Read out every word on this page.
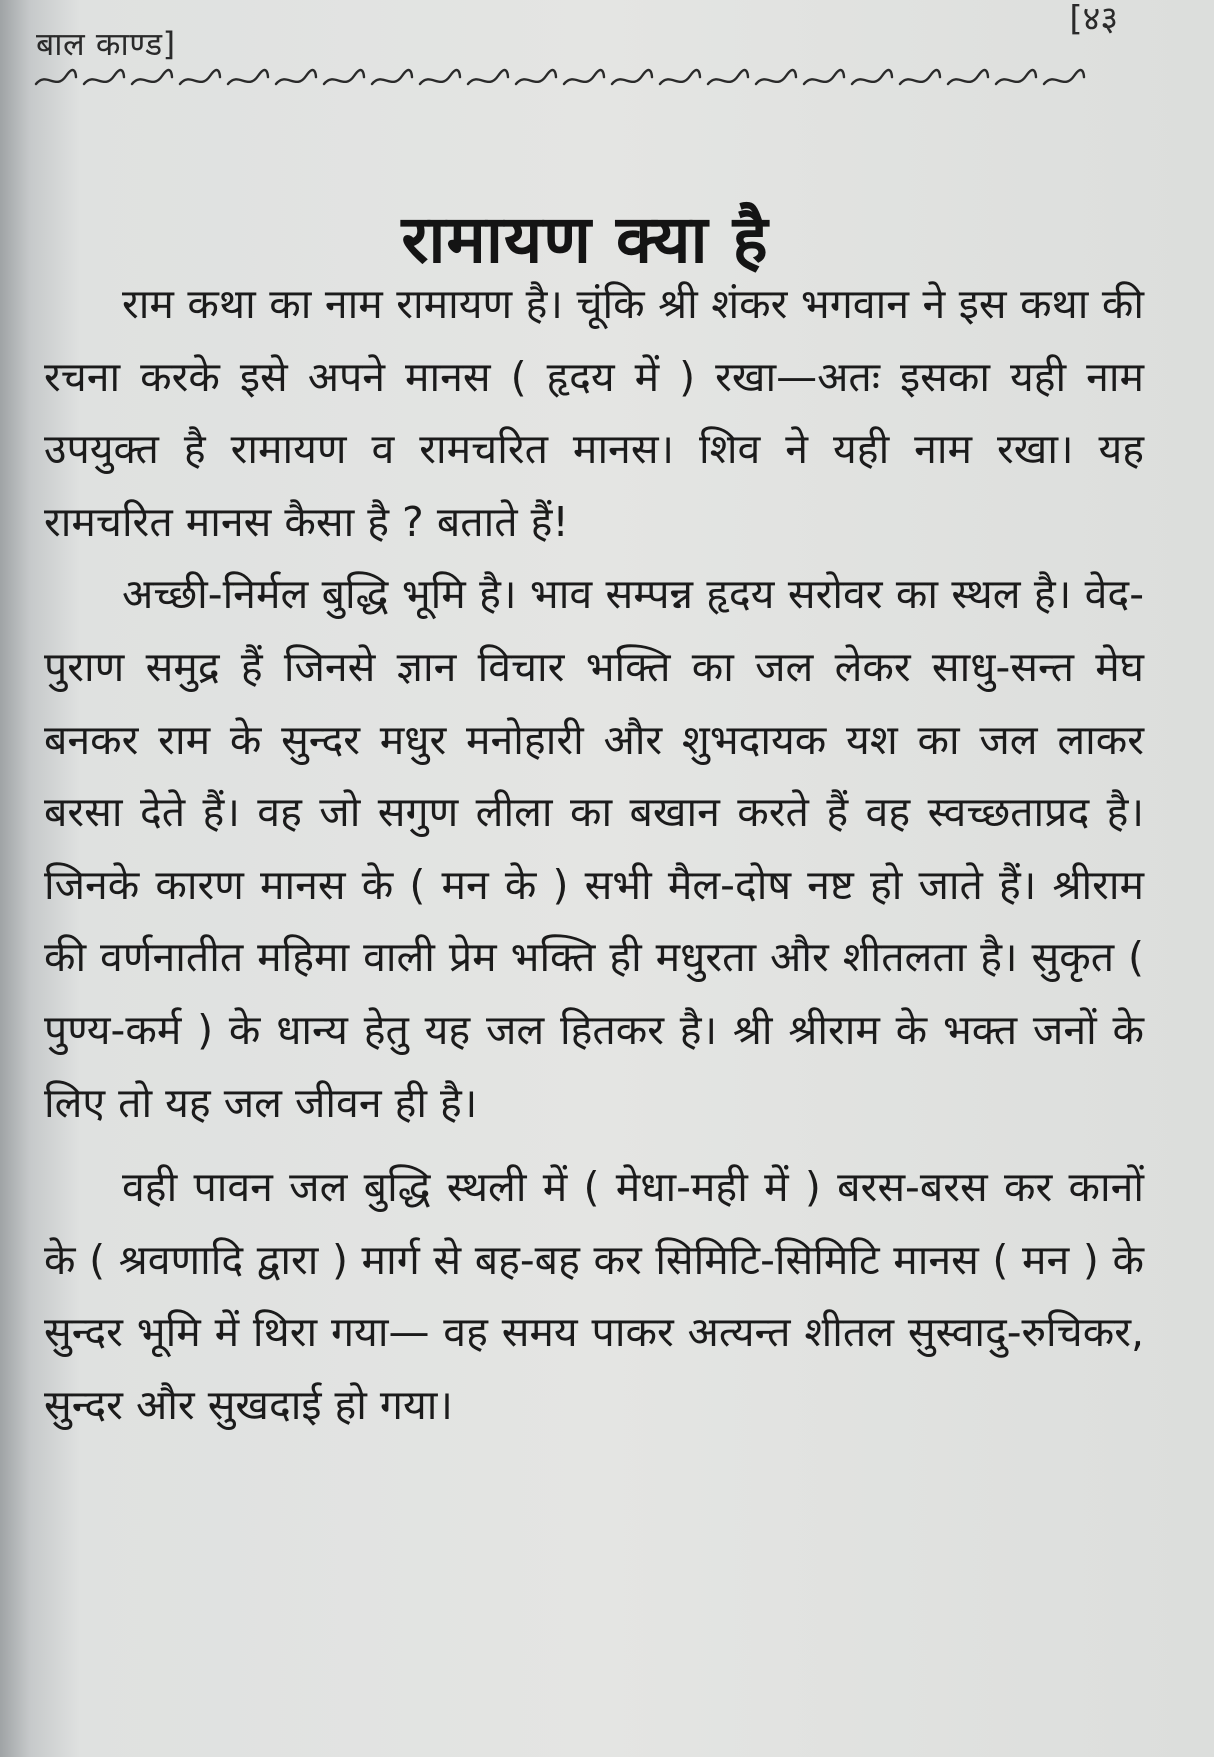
बाल काण्ड]
[४३
रामायण क्या है

राम कथा का नाम रामायण है। चूंकि श्री शंकर भगवान ने इस कथा की रचना करके इसे अपने मानस ( हृदय में ) रखा—अतः इसका यही नाम उपयुक्त है रामायण व रामचरित मानस। शिव ने यही नाम रखा। यह रामचरित मानस कैसा है ? बताते हैं!

अच्छी-निर्मल बुद्धि भूमि है। भाव सम्पन्न हृदय सरोवर का स्थल है। वेद-पुराण समुद्र हैं जिनसे ज्ञान विचार भक्ति का जल लेकर साधु-सन्त मेघ बनकर राम के सुन्दर मधुर मनोहारी और शुभदायक यश का जल लाकर बरसा देते हैं। वह जो सगुण लीला का बखान करते हैं वह स्वच्छताप्रद है। जिनके कारण मानस के ( मन के ) सभी मैल-दोष नष्ट हो जाते हैं। श्रीराम की वर्णनातीत महिमा वाली प्रेम भक्ति ही मधुरता और शीतलता है। सुकृत ( पुण्य-कर्म ) के धान्य हेतु यह जल हितकर है। श्री श्रीराम के भक्त जनों के लिए तो यह जल जीवन ही है।

वही पावन जल बुद्धि स्थली में ( मेधा-मही में ) बरस-बरस कर कानों के ( श्रवणादि द्वारा ) मार्ग से बह-बह कर सिमिटि-सिमिटि मानस ( मन ) के सुन्दर भूमि में थिरा गया— वह समय पाकर अत्यन्त शीतल सुस्वादु-रुचिकर, सुन्दर और सुखदाई हो गया।
